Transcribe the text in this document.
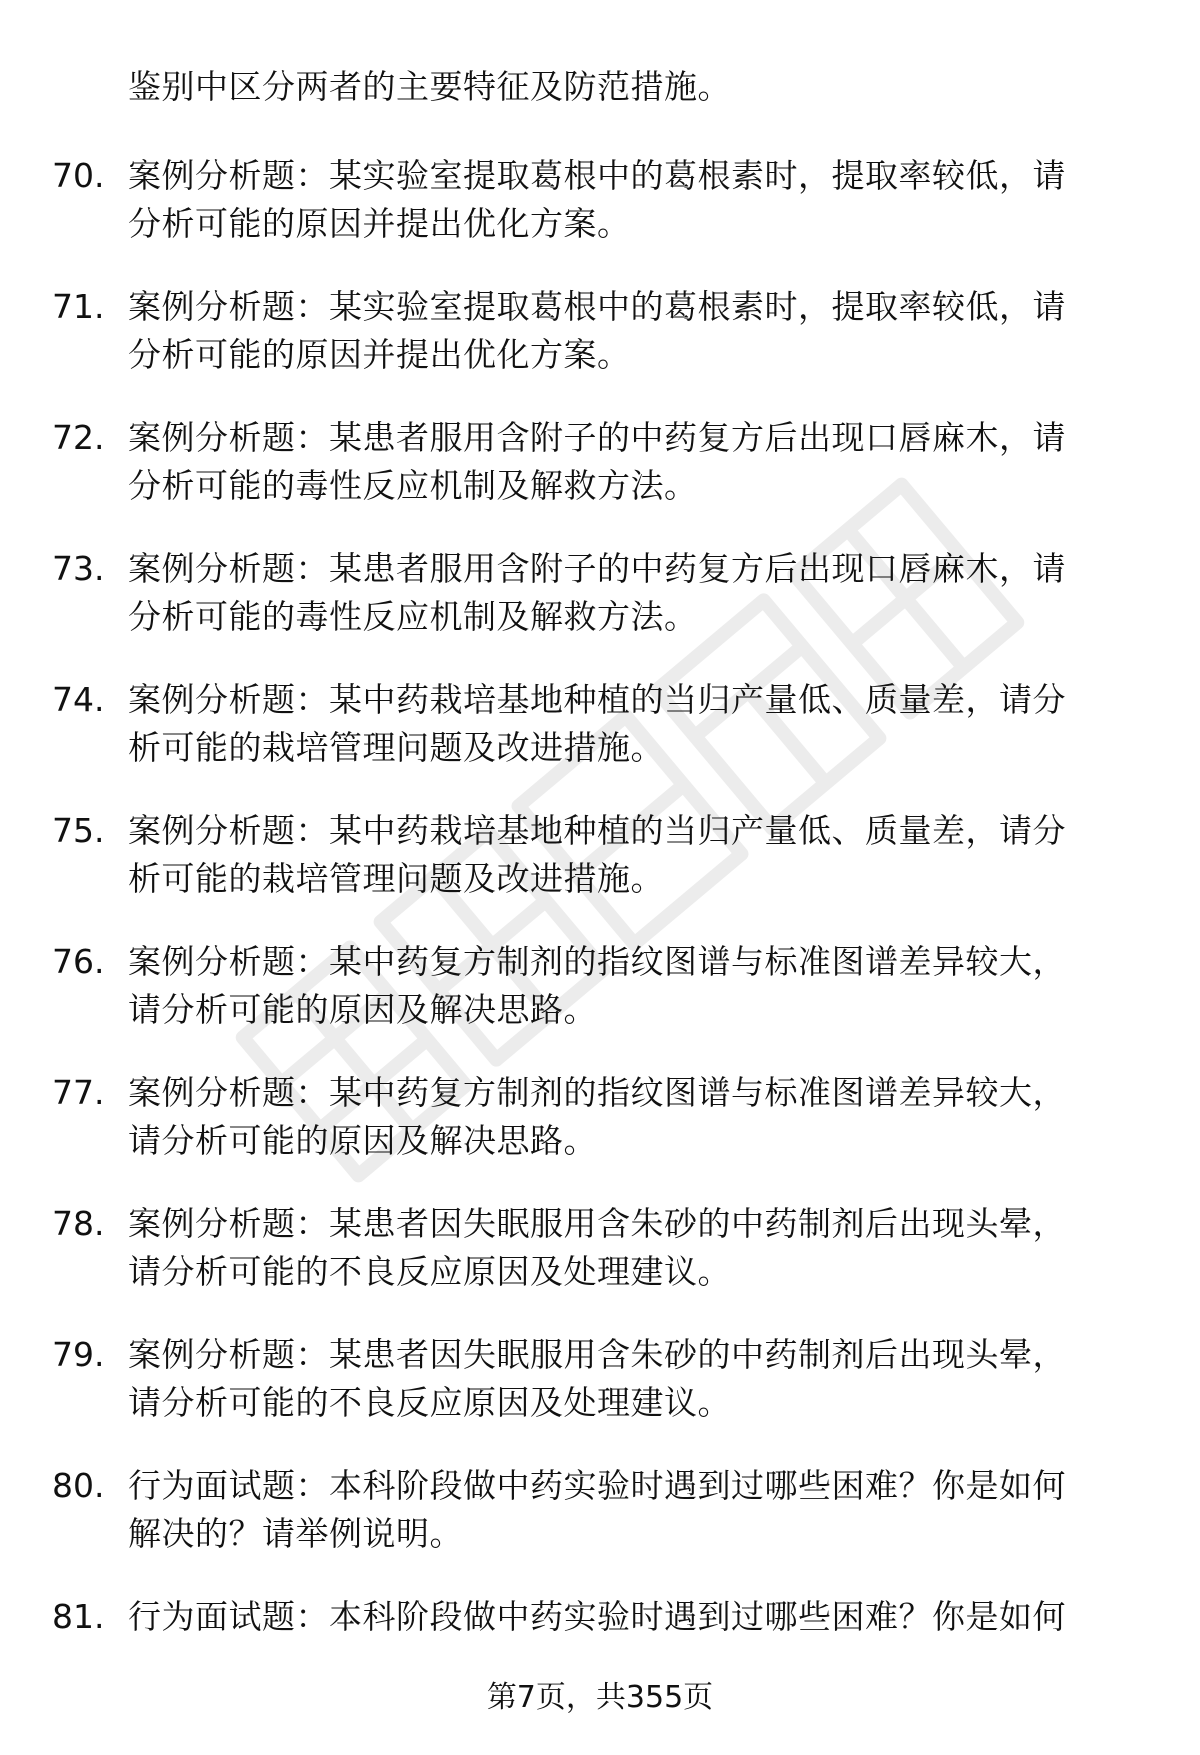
鉴别中区分两者的主要特征及防范措施。
70. 案例分析题：某实验室提取葛根中的葛根素时，提取率较低，请
分析可能的原因并提出优化方案。
71. 案例分析题：某实验室提取葛根中的葛根素时，提取率较低，请
分析可能的原因并提出优化方案。
72. 案例分析题：某患者服用含附子的中药复方后出现口唇麻木，请
分析可能的毒性反应机制及解救方法。
73. 案例分析题：某患者服用含附子的中药复方后出现口唇麻木，请
分析可能的毒性反应机制及解救方法。
74. 案例分析题：某中药栽培基地种植的当归产量低、质量差，请分
析可能的栽培管理问题及改进措施。
75. 案例分析题：某中药栽培基地种植的当归产量低、质量差，请分
析可能的栽培管理问题及改进措施。
76. 案例分析题：某中药复方制剂的指纹图谱与标准图谱差异较大，
请分析可能的原因及解决思路。
77. 案例分析题：某中药复方制剂的指纹图谱与标准图谱差异较大，
请分析可能的原因及解决思路。
78. 案例分析题：某患者因失眠服用含朱砂的中药制剂后出现头晕，
请分析可能的不良反应原因及处理建议。
79. 案例分析题：某患者因失眠服用含朱砂的中药制剂后出现头晕，
请分析可能的不良反应原因及处理建议。
80. 行为面试题：本科阶段做中药实验时遇到过哪些困难？你是如何
解决的？请举例说明。
81. 行为面试题：本科阶段做中药实验时遇到过哪些困难？你是如何
第7页，共355页
